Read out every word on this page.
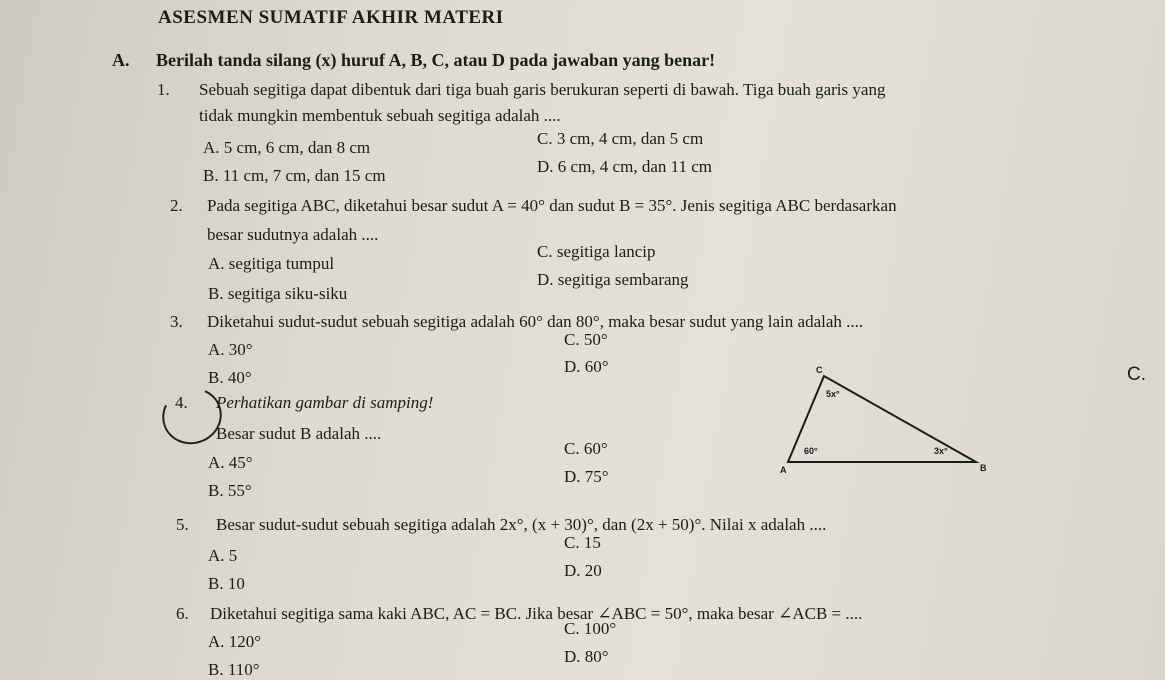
ASESMEN SUMATIF AKHIR MATERI
A. Berilah tanda silang (x) huruf A, B, C, atau D pada jawaban yang benar!
1. Sebuah segitiga dapat dibentuk dari tiga buah garis berukuran seperti di bawah. Tiga buah garis yang
tidak mungkin membentuk sebuah segitiga adalah ....
A. 5 cm, 6 cm, dan 8 cm
B. 11 cm, 7 cm, dan 15 cm
C. 3 cm, 4 cm, dan 5 cm
D. 6 cm, 4 cm, dan 11 cm
2. Pada segitiga ABC, diketahui besar sudut A = 40° dan sudut B = 35°. Jenis segitiga ABC berdasarkan
besar sudutnya adalah ....
A. segitiga tumpul
B. segitiga siku-siku
C. segitiga lancip
D. segitiga sembarang
3. Diketahui sudut-sudut sebuah segitiga adalah 60° dan 80°, maka besar sudut yang lain adalah ....
A. 30°
B. 40°
C. 50°
D. 60°
4. Perhatikan gambar di samping!
Besar sudut B adalah ....
A. 45°
B. 55°
C. 60°
D. 75°
C
A	B
5x°
60°	3x°
C.
5. Besar sudut-sudut sebuah segitiga adalah 2x°, (x + 30)°, dan (2x + 50)°. Nilai x adalah ....
A. 5
B. 10
C. 15
D. 20
6. Diketahui segitiga sama kaki ABC, AC = BC. Jika besar ∠ABC = 50°, maka besar ∠ACB = ....
A. 120°
B. 110°
C. 100°
D. 80°
